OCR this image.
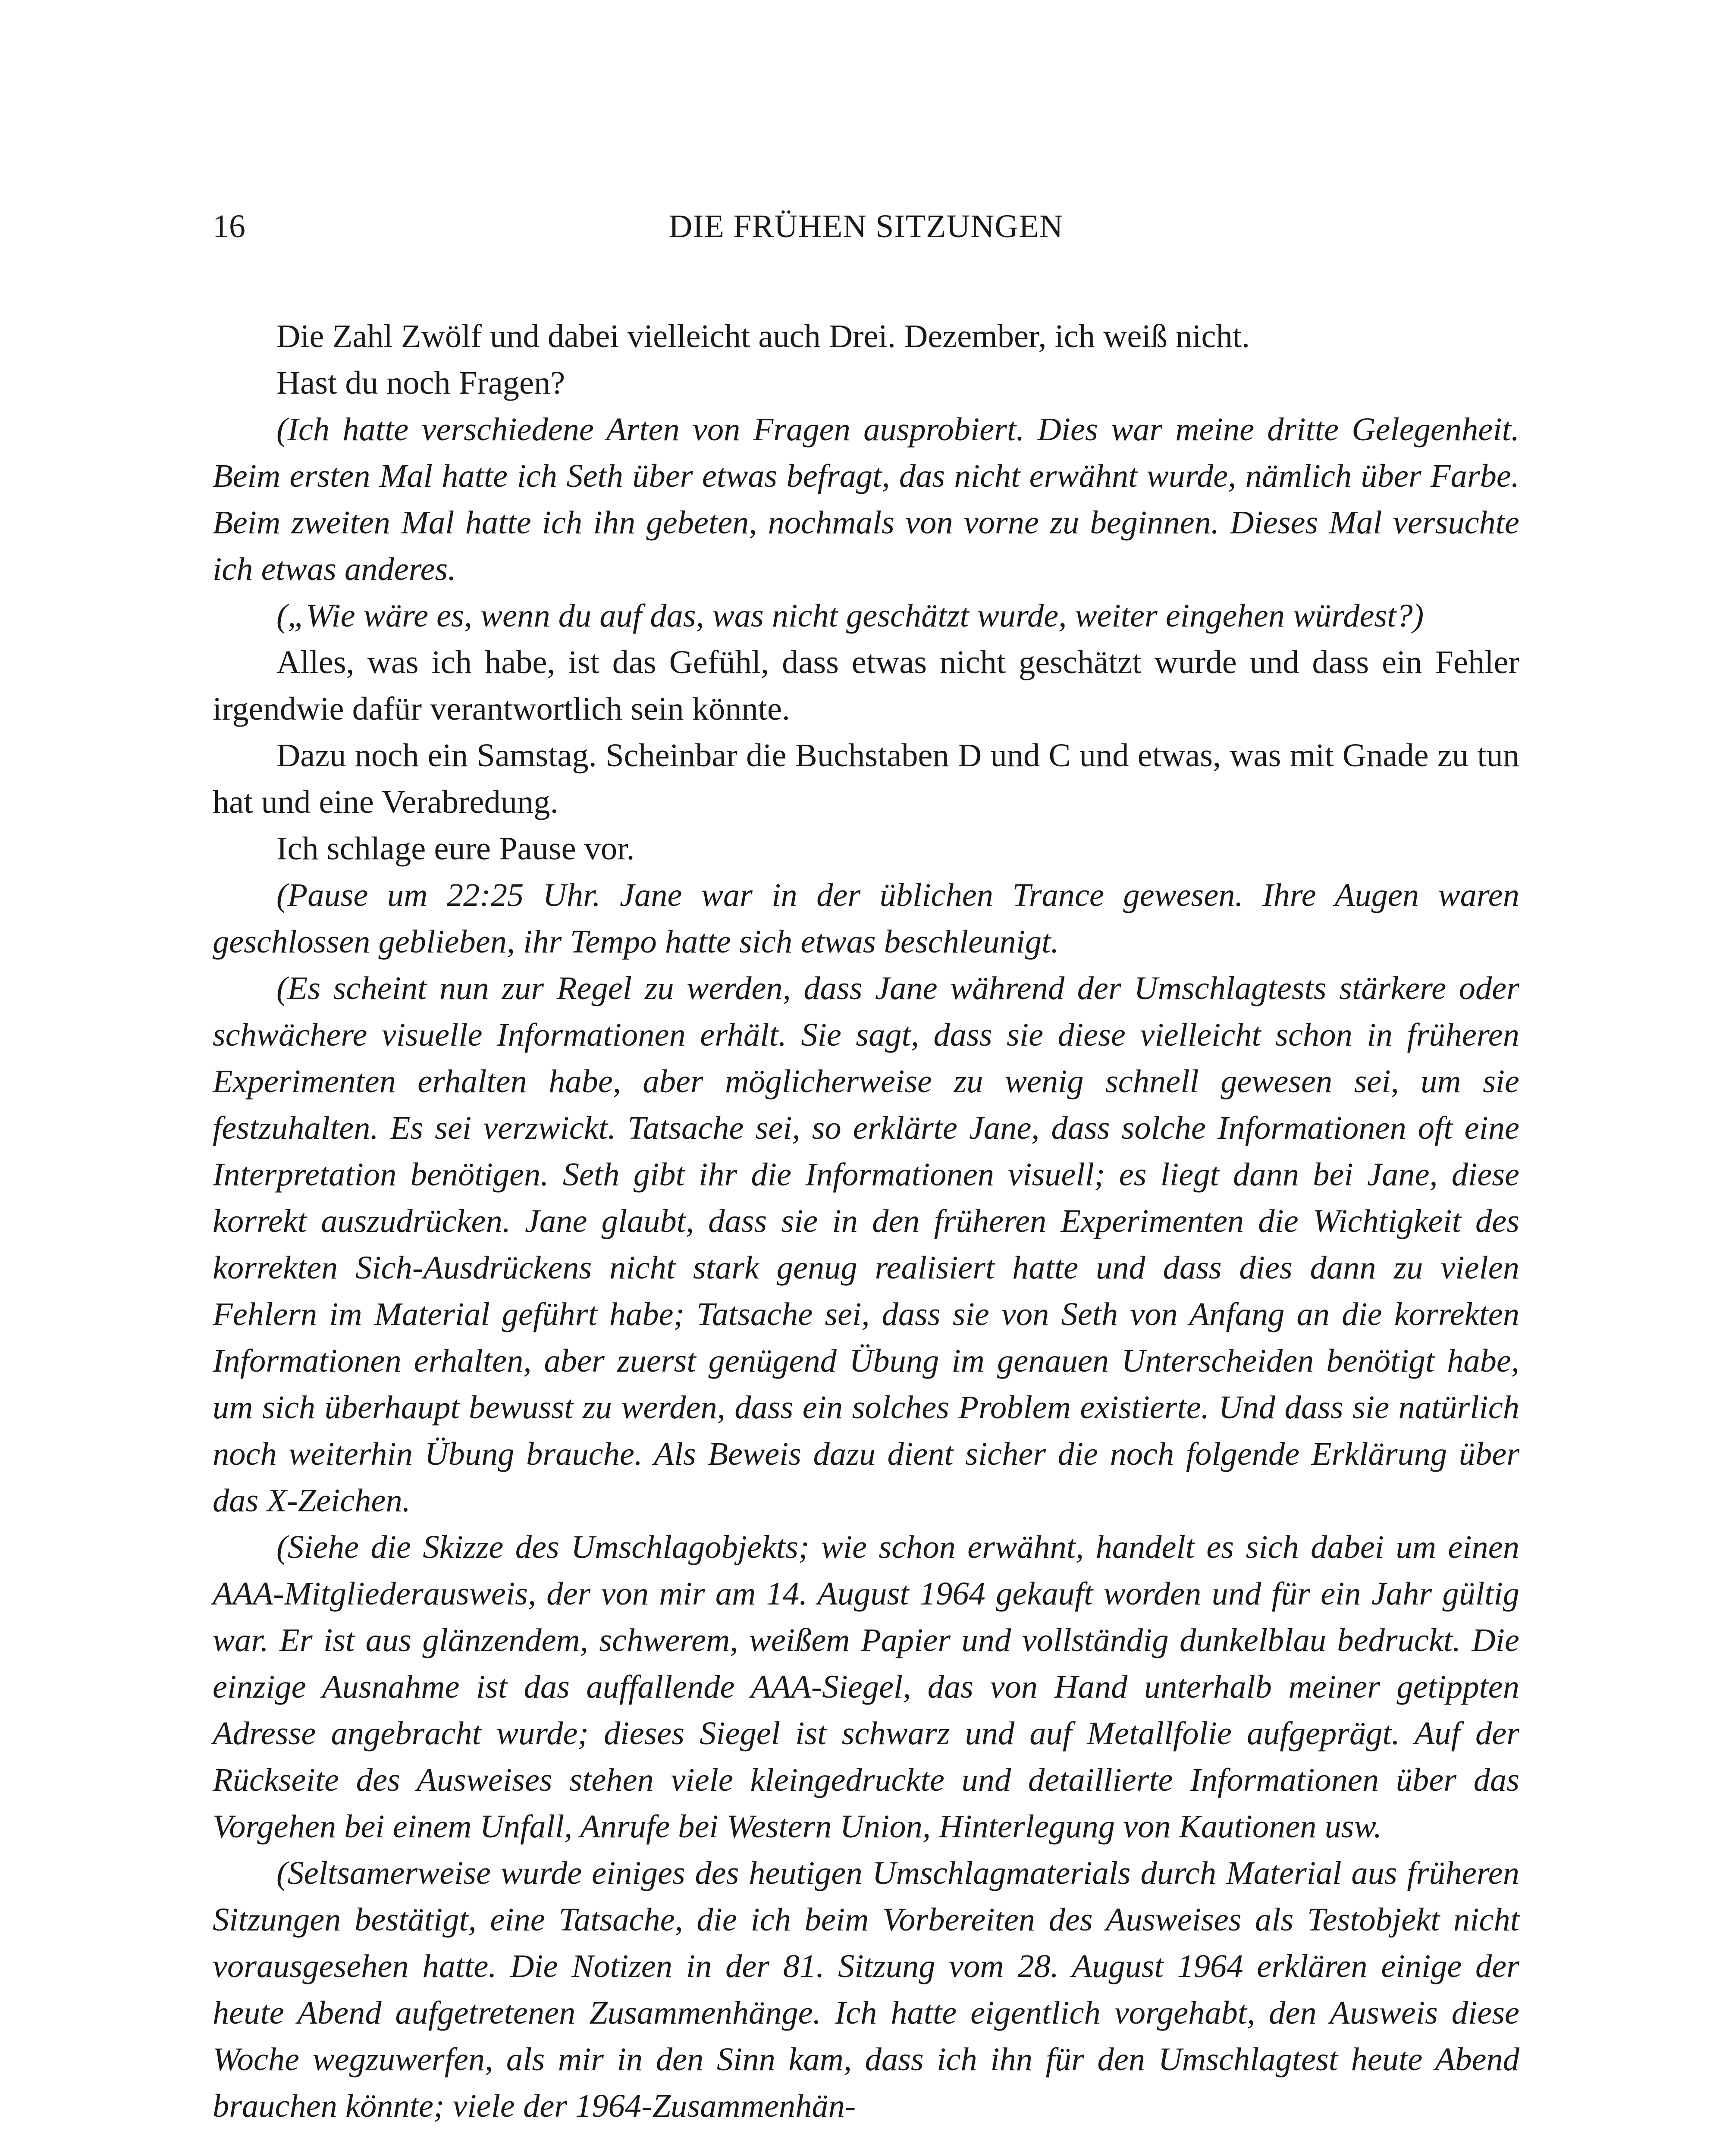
16	DIE FRÜHEN SITZUNGEN

Die Zahl Zwölf und dabei vielleicht auch Drei. Dezember, ich weiß nicht.

Hast du noch Fragen?

(Ich hatte verschiedene Arten von Fragen ausprobiert. Dies war meine dritte Gelegenheit. Beim ersten Mal hatte ich Seth über etwas befragt, das nicht erwähnt wurde, nämlich über Farbe. Beim zweiten Mal hatte ich ihn gebeten, nochmals von vorne zu beginnen. Dieses Mal versuchte ich etwas anderes.

(„Wie wäre es, wenn du auf das, was nicht geschätzt wurde, weiter eingehen würdest?)

Alles, was ich habe, ist das Gefühl, dass etwas nicht geschätzt wurde und dass ein Fehler irgendwie dafür verantwortlich sein könnte.

Dazu noch ein Samstag. Scheinbar die Buchstaben D und C und etwas, was mit Gnade zu tun hat und eine Verabredung.

Ich schlage eure Pause vor.

(Pause um 22:25 Uhr. Jane war in der üblichen Trance gewesen. Ihre Augen waren geschlossen geblieben, ihr Tempo hatte sich etwas beschleunigt.

(Es scheint nun zur Regel zu werden, dass Jane während der Umschlagtests stärkere oder schwächere visuelle Informationen erhält. Sie sagt, dass sie diese vielleicht schon in früheren Experimenten erhalten habe, aber möglicherweise zu wenig schnell gewesen sei, um sie festzuhalten. Es sei verzwickt. Tatsache sei, so erklärte Jane, dass solche Informationen oft eine Interpretation benötigen. Seth gibt ihr die Informationen visuell; es liegt dann bei Jane, diese korrekt auszudrücken. Jane glaubt, dass sie in den früheren Experimenten die Wichtigkeit des korrekten Sich-Ausdrückens nicht stark genug realisiert hatte und dass dies dann zu vielen Fehlern im Material geführt habe; Tatsache sei, dass sie von Seth von Anfang an die korrekten Informationen erhalten, aber zuerst genügend Übung im genauen Unterscheiden benötigt habe, um sich überhaupt bewusst zu werden, dass ein solches Problem existierte. Und dass sie natürlich noch weiterhin Übung brauche. Als Beweis dazu dient sicher die noch folgende Erklärung über das X-Zeichen.

(Siehe die Skizze des Umschlagobjekts; wie schon erwähnt, handelt es sich dabei um einen AAA-Mitgliederausweis, der von mir am 14. August 1964 gekauft worden und für ein Jahr gültig war. Er ist aus glänzendem, schwerem, weißem Papier und vollständig dunkelblau bedruckt. Die einzige Ausnahme ist das auffallende AAA-Siegel, das von Hand unterhalb meiner getippten Adresse angebracht wurde; dieses Siegel ist schwarz und auf Metallfolie aufgeprägt. Auf der Rückseite des Ausweises stehen viele kleingedruckte und detaillierte Informationen über das Vorgehen bei einem Unfall, Anrufe bei Western Union, Hinterlegung von Kautionen usw.

(Seltsamerweise wurde einiges des heutigen Umschlagmaterials durch Material aus früheren Sitzungen bestätigt, eine Tatsache, die ich beim Vorbereiten des Ausweises als Testobjekt nicht vorausgesehen hatte. Die Notizen in der 81. Sitzung vom 28. August 1964 erklären einige der heute Abend aufgetretenen Zusammenhänge. Ich hatte eigentlich vorgehabt, den Ausweis diese Woche wegzuwerfen, als mir in den Sinn kam, dass ich ihn für den Umschlagtest heute Abend brauchen könnte; viele der 1964-Zusammenhän-
